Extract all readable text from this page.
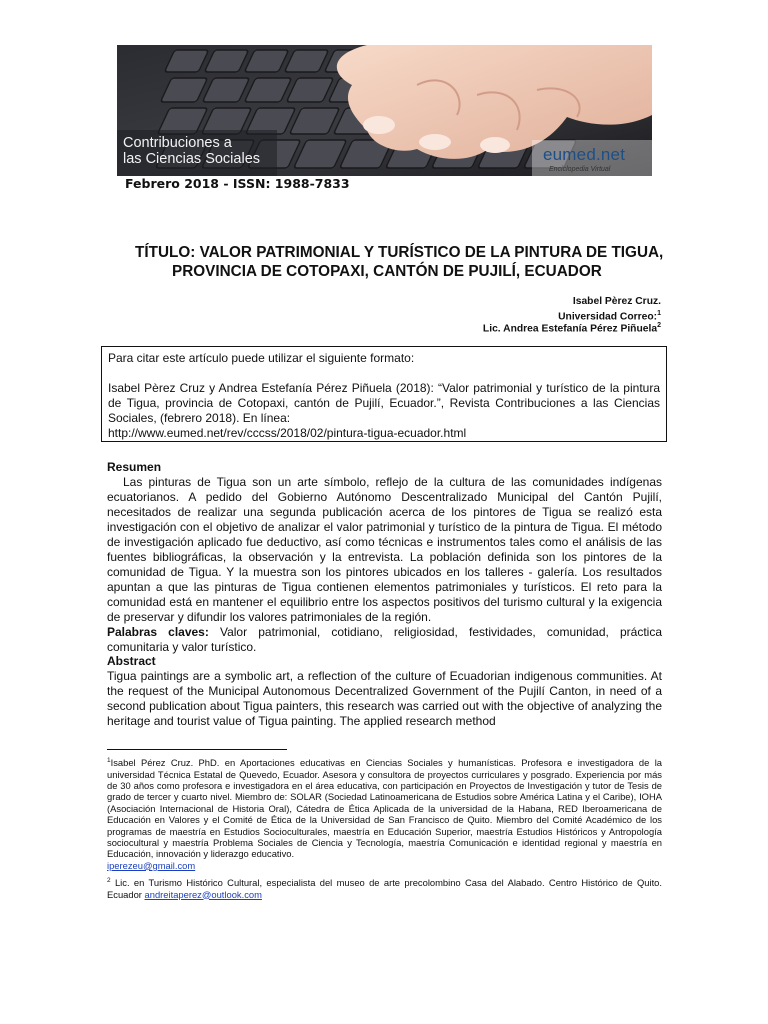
Contribuciones a
las Ciencias Sociales	eumed.net
Enciclopedia Virtual
Febrero 2018 - ISSN: 1988-7833
TÍTULO: VALOR PATRIMONIAL Y TURÍSTICO DE LA PINTURA DE TIGUA,
PROVINCIA DE COTOPAXI, CANTÓN DE PUJILÍ, ECUADOR
Isabel Pèrez Cruz.
Universidad Correo:$^1$
Lic. Andrea Estefanía Pérez Piñuela$^2$

Para citar este artículo puede utilizar el siguiente formato:

Isabel Pèrez Cruz y Andrea Estefanía Pérez Piñuela (2018): “Valor patrimonial y turístico de la pintura de Tigua, provincia de Cotopaxi, cantón de Pujilí, Ecuador.”, Revista Contribuciones a las Ciencias Sociales, (febrero 2018). En línea:
http://www.eumed.net/rev/cccss/2018/02/pintura-tigua-ecuador.html

Resumen
Las pinturas de Tigua son un arte símbolo, reflejo de la cultura de las comunidades indígenas ecuatorianos. A pedido del Gobierno Autónomo Descentralizado Municipal del Cantón Pujilí, necesitados de realizar una segunda publicación acerca de los pintores de Tigua se realizó esta investigación con el objetivo de analizar el valor patrimonial y turístico de la pintura de Tigua. El método de investigación aplicado fue deductivo, así como técnicas e instrumentos tales como el análisis de las fuentes bibliográficas, la observación y la entrevista. La población definida son los pintores de la comunidad de Tigua. Y la muestra son los pintores ubicados en los talleres - galería. Los resultados apuntan a que las pinturas de Tigua contienen elementos patrimoniales y turísticos. El reto para la comunidad está en mantener el equilibrio entre los aspectos positivos del turismo cultural y la exigencia de preservar y difundir los valores patrimoniales de la región.
Palabras claves: Valor patrimonial, cotidiano, religiosidad, festividades, comunidad, práctica comunitaria y valor turístico.
Abstract
Tigua paintings are a symbolic art, a reflection of the culture of Ecuadorian indigenous communities. At the request of the Municipal Autonomous Decentralized Government of the Pujilí Canton, in need of a second publication about Tigua painters, this research was carried out with the objective of analyzing the heritage and tourist value of Tigua painting. The applied research method
$^1$Isabel Pérez Cruz. PhD. en Aportaciones educativas en Ciencias Sociales y humanísticas. Profesora e investigadora de la universidad Técnica Estatal de Quevedo, Ecuador. Asesora y consultora de proyectos curriculares y posgrado. Experiencia por más de 30 años como profesora e investigadora en el área educativa, con participación en Proyectos de Investigación y tutor de Tesis de grado de tercer y cuarto nivel. Miembro de: SOLAR (Sociedad Latinoamericana de Estudios sobre América Latina y el Caribe), IOHA (Asociación Internacional de Historia Oral), Cátedra de Ética Aplicada de la universidad de la Habana, RED Iberoamericana de Educación en Valores y el Comité de Ética de la Universidad de San Francisco de Quito. Miembro del Comité Académico de los programas de maestría en Estudios Socioculturales, maestría en Educación Superior, maestría Estudios Históricos y Antropología sociocultural y maestría Problema Sociales de Ciencia y Tecnología, maestría Comunicación e identidad regional y maestría en Educación, innovación y liderazgo educativo.
iperezeu@gmail.com
$^2$ Lic. en Turismo Histórico Cultural, especialista del museo de arte precolombino Casa del Alabado. Centro Histórico de Quito. Ecuador andreitaperez@outlook.com
